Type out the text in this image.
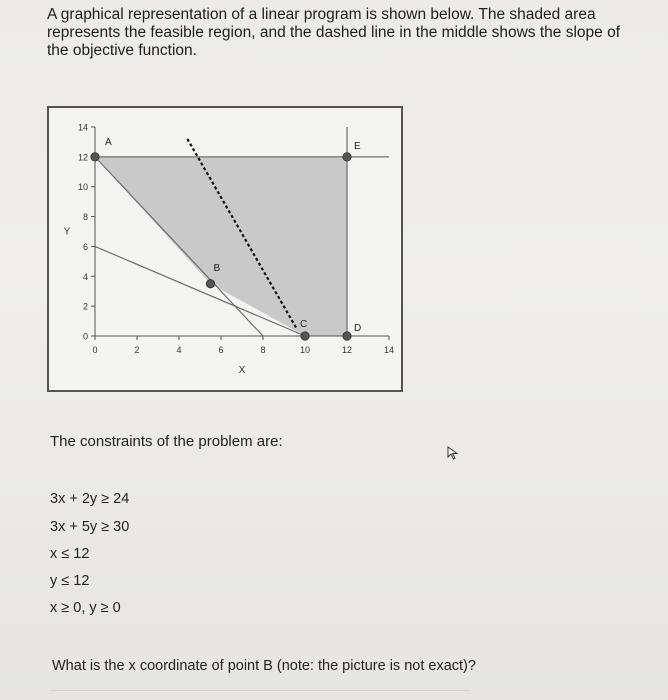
A graphical representation of a linear program is shown below. The shaded area represents the feasible region, and the dashed line in the middle shows the slope of the objective function.

0
2
4
6
8
10
12
14
0	2	4	6	8	10	12	14
X
Y
A
B
C	D
E

The constraints of the problem are:

3x + 2y ≥ 24

3x + 5y ≥ 30

x ≤ 12

y ≤ 12

x ≥ 0, y ≥ 0

What is the x coordinate of point B (note: the picture is not exact)?
